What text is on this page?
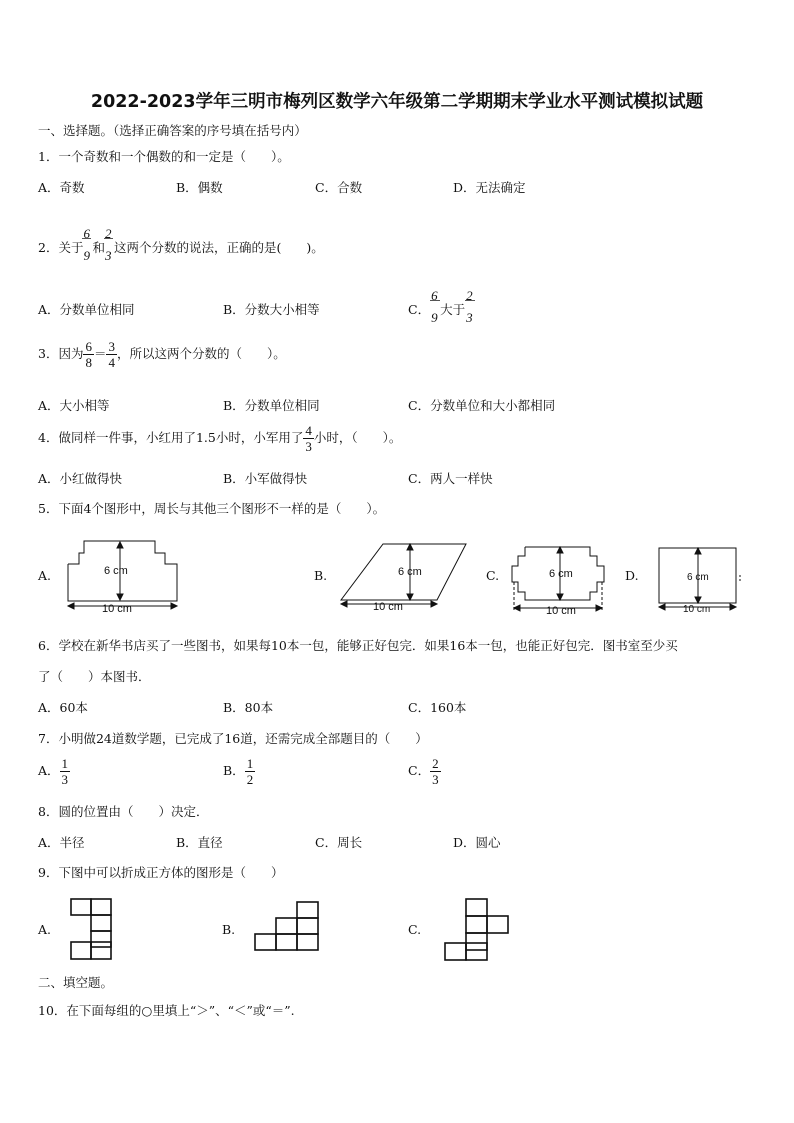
2022-2023学年三明市梅列区数学六年级第二学期期末学业水平测试模拟试题
一、选择题。（选择正确答案的序号填在括号内）
1．一个奇数和一个偶数的和一定是（　　）。
A．奇数	B．偶数	C．合数	D．无法确定
2．关于
$\frac{6}{9}$
和
$\frac{2}{3}$
这两个分数的说法，正确的是(　　)。
A．分数单位相同	B．分数大小相等	C．
$\frac{6}{9}$
大于
$\frac{2}{3}$
3．因为 $\frac{6}{8} = \frac{3}{4}$ ，所以这两个分数的（　　）。
A．大小相等	B．分数单位相同	C．分数单位和大小都相同
4．做同样一件事，小红用了1.5小时，小军用了 $\frac{4}{3}$ 小时，（　　）。
A．小红做得快	B．小军做得快	C．两人一样快
5．下面4个图形中，周长与其他三个图形不一样的是（　　）。
A.	B.	C.	D.
6 cm
10 cm
6 cm
10 cm
6 cm
10 cm
6 cm
10 cm
6．学校在新华书店买了一些图书，如果每10本一包，能够正好包完．如果16本一包，也能正好包完．图书室至少买
了（　　）本图书．
A．60本	B．80本	C．160本
7．小明做24道数学题，已完成了16道，还需完成全部题目的（　　）
A． $\frac{1}{3}$	B． $\frac{1}{2}$	C． $\frac{2}{3}$
8．圆的位置由（　　）决定．
A．半径	B．直径	C．周长	D．圆心
9．下图中可以折成正方体的图形是（　　）
A.	B.	C.
二、填空题。
10．在下面每组的○里填上“＞”、“＜”或“＝”.
